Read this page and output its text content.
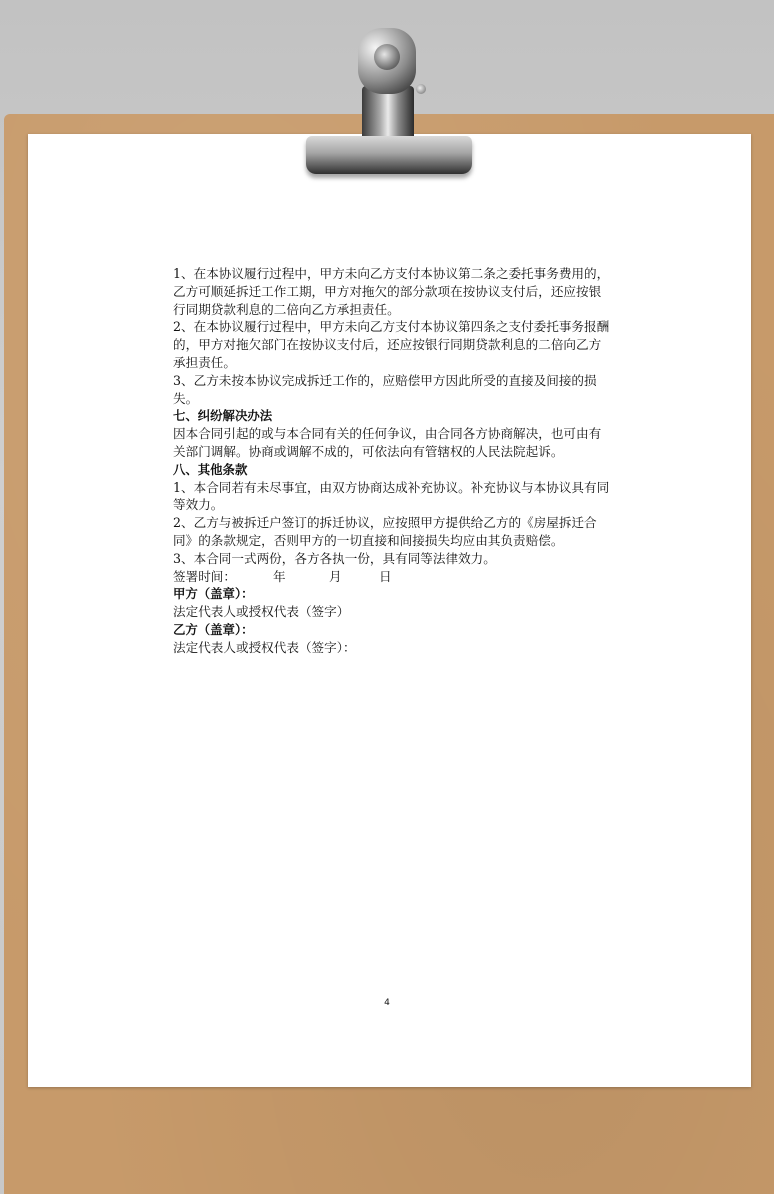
1、在本协议履行过程中，甲方未向乙方支付本协议第二条之委托事务费用的，乙方可顺延拆迁工作工期，甲方对拖欠的部分款项在按协议支付后，还应按银行同期贷款利息的二倍向乙方承担责任。

2、在本协议履行过程中，甲方未向乙方支付本协议第四条之支付委托事务报酬的，甲方对拖欠部门在按协议支付后，还应按银行同期贷款利息的二倍向乙方承担责任。

3、乙方未按本协议完成拆迁工作的，应赔偿甲方因此所受的直接及间接的损失。

七、纠纷解决办法

因本合同引起的或与本合同有关的任何争议，由合同各方协商解决，也可由有关部门调解。协商或调解不成的，可依法向有管辖权的人民法院起诉。

八、其他条款

1、本合同若有未尽事宜，由双方协商达成补充协议。补充协议与本协议具有同等效力。

2、乙方与被拆迁户签订的拆迁协议，应按照甲方提供给乙方的《房屋拆迁合同》的条款规定，否则甲方的一切直接和间接损失均应由其负责赔偿。

3、本合同一式两份，各方各执一份，具有同等法律效力。

签署时间：	年	月	日

甲方（盖章）：

法定代表人或授权代表（签字）

乙方（盖章）：

法定代表人或授权代表（签字）：

4
